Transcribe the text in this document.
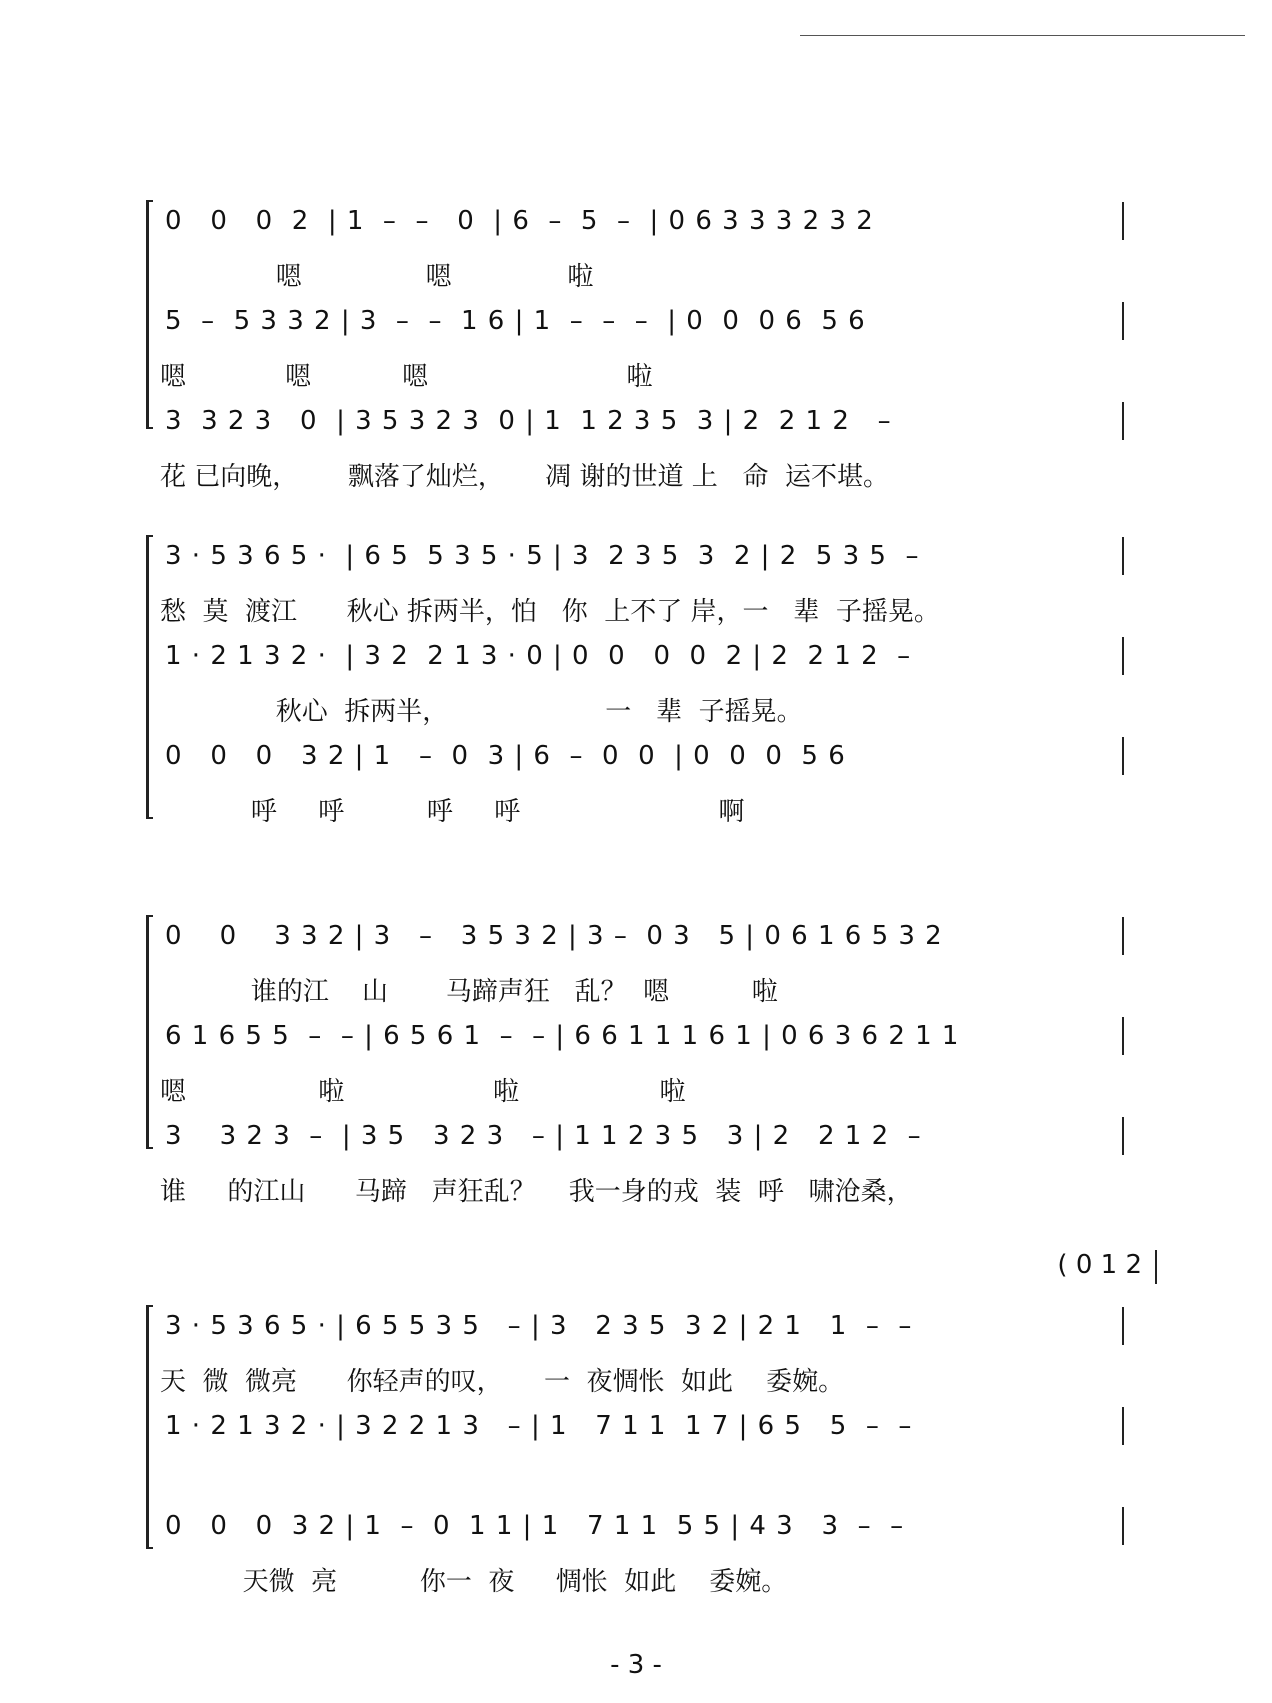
0   0   0  2  | 1  –  –   0  | 6  –  5  –  | 0 6 3 3 3 2 3 2
嗯               嗯              啦
5  –  5 3 3 2 | 3  –  –  1 6 | 1  –  –  –  | 0  0  0 6  5 6
嗯            嗯           嗯                        啦
3  3 2 3   0  | 3 5 3 2 3  0 | 1  1 2 3 5  3 | 2  2 1 2   –
花 已向晚，      飘落了灿烂，     凋 谢的世道 上   命  运不堪。
3 · 5 3 6 5 ·  | 6 5  5 3 5 · 5 | 3  2 3 5  3  2 | 2  5 3 5  –
愁  莫  渡江      秋心 拆两半，怕   你  上不了 岸，一   辈  子摇晃。
1 · 2 1 3 2 ·  | 3 2  2 1 3 · 0 | 0  0   0  0  2 | 2  2 1 2  –
秋心  拆两半，                   一   辈  子摇晃。
0   0   0   3 2 | 1   –  0  3 | 6  –  0  0  | 0  0  0  5 6
呼     呼          呼     呼                        啊
0    0    3 3 2 | 3   –   3 5 3 2 | 3 –  0 3   5 | 0 6 1 6 5 3 2
谁的江    山       马蹄声狂   乱？  嗯          啦
6 1 6 5 5  –  – | 6 5 6 1  –  – | 6 6 1 1 1 6 1 | 0 6 3 6 2 1 1
嗯                啦                  啦                 啦
3    3 2 3  –  | 3 5   3 2 3   – | 1 1 2 3 5   3 | 2   2 1 2  –
谁     的江山      马蹄   声狂乱？    我一身的戎  装  呼   啸沧桑，
( 0 1 2
3 · 5 3 6 5 · | 6 5 5 3 5   – | 3   2 3 5  3 2 | 2 1   1  –  –
天  微  微亮      你轻声的叹，     一  夜惆怅  如此    委婉。
1 · 2 1 3 2 · | 3 2 2 1 3   – | 1   7 1 1  1 7 | 6 5   5  –  –
0   0   0  3 2 | 1  –  0  1 1 | 1   7 1 1  5 5 | 4 3   3  –  –
天微  亮          你一  夜     惆怅  如此    委婉。
- 3 -
